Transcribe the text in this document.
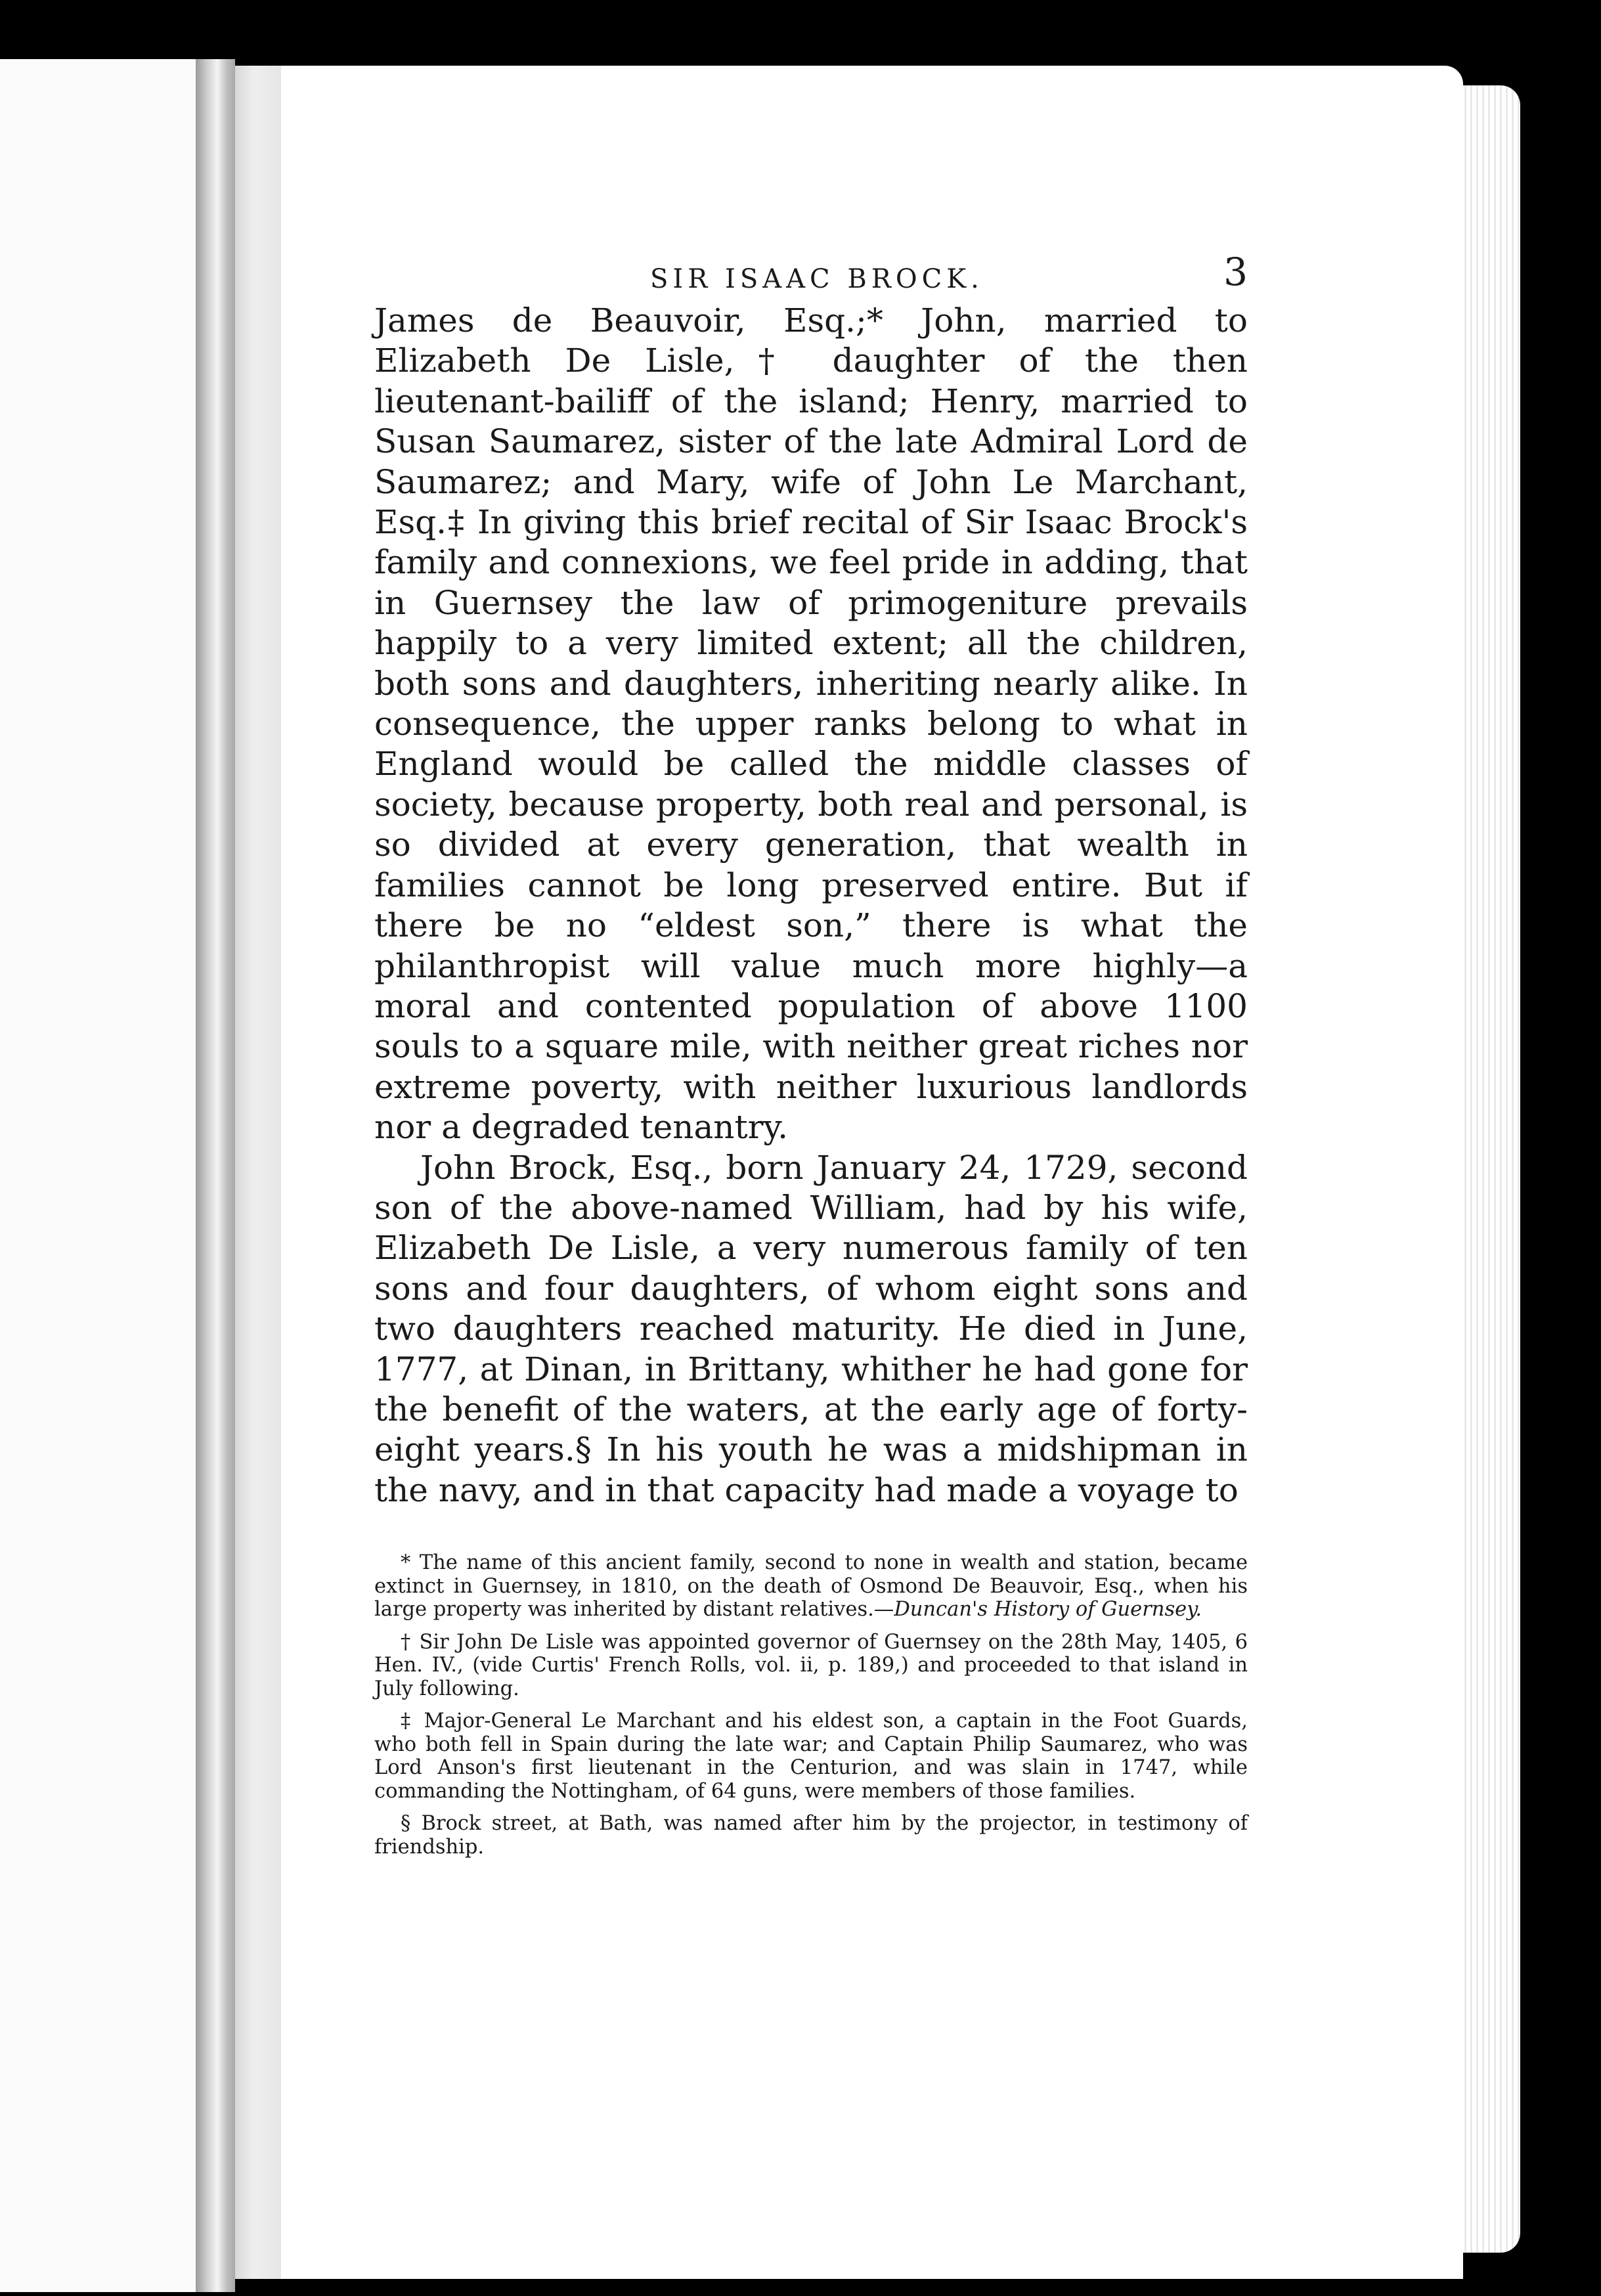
SIR ISAAC BROCK.	3

James de Beauvoir, Esq.;* John, married to Elizabeth De Lisle,† daughter of the then lieutenant-bailiff of the island; Henry, married to Susan Saumarez, sister of the late Admiral Lord de Saumarez; and Mary, wife of John Le Marchant, Esq.‡ In giving this brief recital of Sir Isaac Brock's family and connexions, we feel pride in adding, that in Guernsey the law of primogeniture prevails happily to a very limited extent; all the children, both sons and daughters, inheriting nearly alike. In consequence, the upper ranks belong to what in England would be called the middle classes of society, because property, both real and personal, is so divided at every generation, that wealth in families cannot be long preserved entire. But if there be no “eldest son,” there is what the philanthropist will value much more highly—a moral and contented population of above 1100 souls to a square mile, with neither great riches nor extreme poverty, with neither luxurious landlords nor a degraded tenantry.

John Brock, Esq., born January 24, 1729, second son of the above-named William, had by his wife, Elizabeth De Lisle, a very numerous family of ten sons and four daughters, of whom eight sons and two daughters reached maturity. He died in June, 1777, at Dinan, in Brittany, whither he had gone for the benefit of the waters, at the early age of forty-eight years.§ In his youth he was a midshipman in the navy, and in that capacity had made a voyage to

* The name of this ancient family, second to none in wealth and station, became extinct in Guernsey, in 1810, on the death of Osmond De Beauvoir, Esq., when his large property was inherited by distant relatives.—Duncan's History of Guernsey.

† Sir John De Lisle was appointed governor of Guernsey on the 28th May, 1405, 6 Hen. IV., (vide Curtis' French Rolls, vol. ii, p. 189,) and proceeded to that island in July following.

‡ Major-General Le Marchant and his eldest son, a captain in the Foot Guards, who both fell in Spain during the late war; and Captain Philip Saumarez, who was Lord Anson's first lieutenant in the Centurion, and was slain in 1747, while commanding the Nottingham, of 64 guns, were members of those families.

§ Brock street, at Bath, was named after him by the projector, in testimony of friendship.
